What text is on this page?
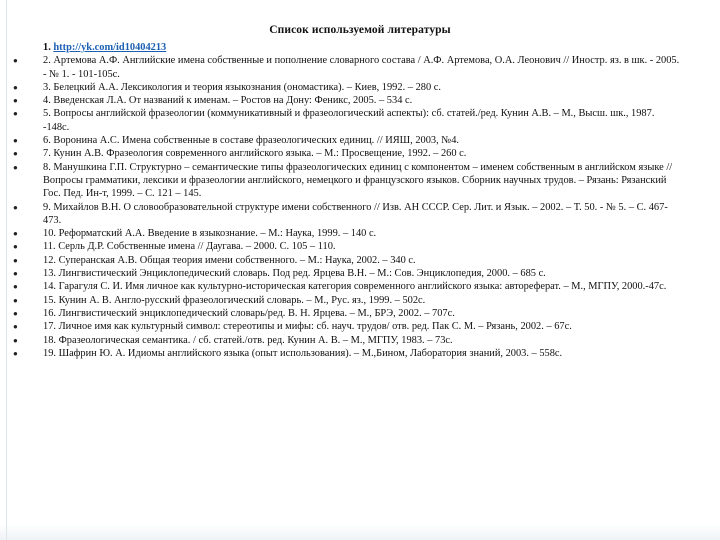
Список используемой литературы
1. http://yk.com/id10404213
●	2. Артемова А.Ф. Английские имена собственные и пополнение словарного состава / А.Ф. Артемова, О.А. Леонович // Иностр. яз. в шк. - 2005. - № 1. - 101-105с.
●	3. Белецкий А.А. Лексикология и теория языкознания (ономастика). – Киев, 1992. – 280 с.
●	4. Введенская Л.А. От названий к именам. – Ростов на Дону: Феникс, 2005. – 534 с.
●	5. Вопросы английской фразеологии (коммуникативный и фразеологический аспекты): сб. статей./ред. Кунин А.В. – М., Высш. шк., 1987. -148с.
●	6. Воронина А.С. Имена собственные в составе фразеологических единиц. // ИЯШ, 2003, №4.
●	7. Кунин А.В. Фразеология современного английского языка. – М.: Просвещение, 1992. – 260 с.
●	8. Манушкина Г.П. Структурно – семантические типы фразеологических единиц с компонентом – именем собственным в английском языке // Вопросы грамматики, лексики и фразеологии английского, немецкого и французского языков. Сборник научных трудов. – Рязань: Рязанский Гос. Пед. Ин-т, 1999. – С. 121 – 145.
●	9. Михайлов В.Н. О словообразовательной структуре имени собственного // Изв. АН СССР. Сер. Лит. и Язык. – 2002. – Т. 50. - № 5. – С. 467-473.
●	10. Реформатский А.А. Введение в языкознание. – М.: Наука, 1999. – 140 с.
●	11. Серль Д.Р. Собственные имена // Даугава. – 2000. С. 105 – 110.
●	12. Суперанская А.В. Общая теория имени собственного. – М.: Наука, 2002. – 340 с.
●	13. Лингвистический Энциклопедический словарь. Под ред. Ярцева В.Н. – М.: Сов. Энциклопедия, 2000. – 685 с.
●	14. Гарагуля С. И. Имя личное как культурно-историческая категория современного английского языка: автореферат. – М., МГПУ, 2000.-47с.
●	15. Кунин А. В. Англо-русский фразеологический словарь. – М., Рус. яз., 1999. – 502с.
●	16. Лингвистический энциклопедический словарь/ред. В. Н. Ярцева. – М., БРЭ, 2002. – 707с.
●	17. Личное имя как культурный символ: стереотипы и мифы: сб. науч. трудов/ отв. ред. Пак С. М. – Рязань, 2002. – 67с.
●	18. Фразеологическая семантика. / сб. статей./отв. ред. Кунин А. В. – М., МГПУ, 1983. – 73с.
●	19. Шафрин Ю. А. Идиомы английского языка (опыт использования). – М.,Бином, Лаборатория знаний, 2003. – 558с.
